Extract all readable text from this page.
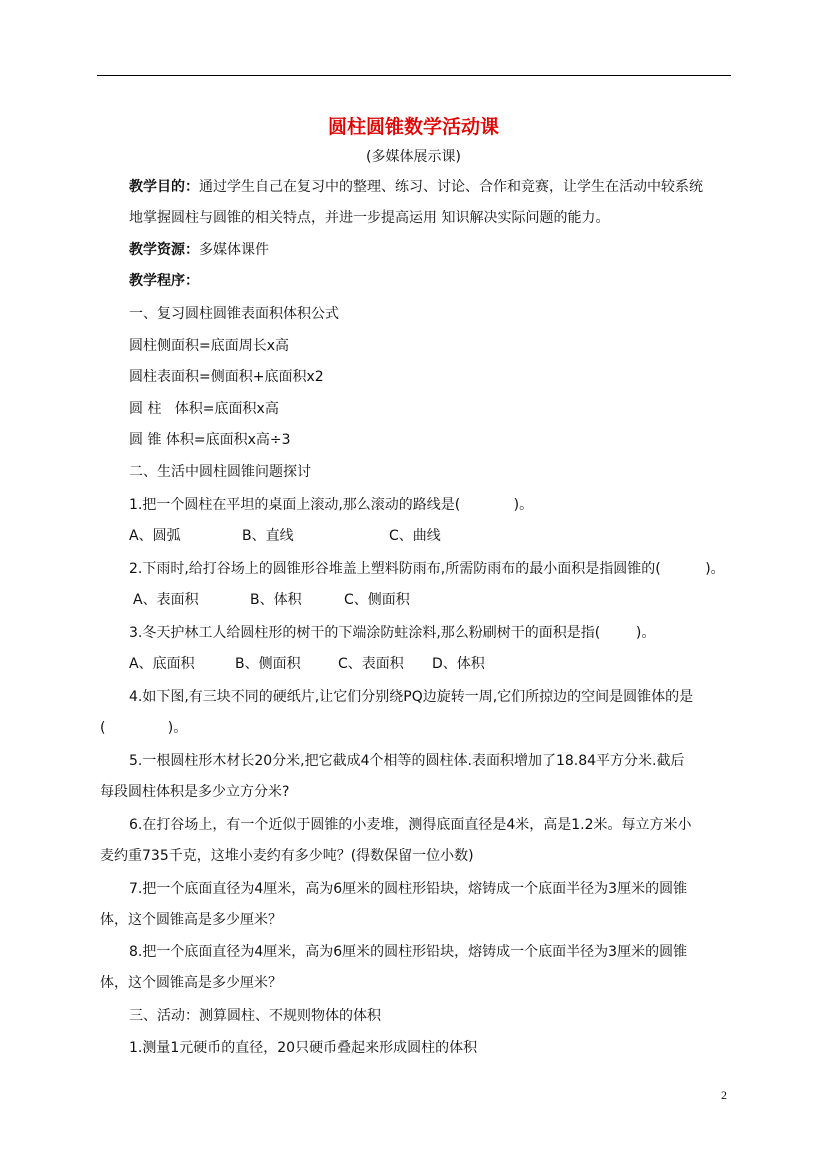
圆柱圆锥数学活动课
(多媒体展示课)
教学目的：通过学生自己在复习中的整理、练习、讨论、合作和竞赛，让学生在活动中较系统
地掌握圆柱与圆锥的相关特点，并进一步提高运用 知识解决实际问题的能力。
教学资源：多媒体课件
教学程序：
一、复习圆柱圆锥表面积体积公式
圆柱侧面积=底面周长x高
圆柱表面积=侧面积+底面积x2
圆 柱   体积=底面积x高
圆 锥 体积=底面积x高÷3
二、生活中圆柱圆锥问题探讨
1.把一个圆柱在平坦的桌面上滚动,那么滚动的路线是(            )。
A、圆弧	B、直线	C、曲线
2.下雨时,给打谷场上的圆锥形谷堆盖上塑料防雨布,所需防雨布的最小面积是指圆锥的(          )。
A、表面积	B、体积	C、侧面积
3.冬天护林工人给圆柱形的树干的下端涂防蛀涂料,那么粉刷树干的面积是指(        )。
A、底面积	B、侧面积	C、表面积 D、体积
4.如下图,有三块不同的硬纸片,让它们分别绕PQ边旋转一周,它们所掠边的空间是圆锥体的是
(              )。
5.一根圆柱形木材长20分米,把它截成4个相等的圆柱体.表面积增加了18.84平方分米.截后
每段圆柱体积是多少立方分米?
6.在打谷场上，有一个近似于圆锥的小麦堆，测得底面直径是4米，高是1.2米。每立方米小
麦约重735千克，这堆小麦约有多少吨？(得数保留一位小数)
7.把一个底面直径为4厘米，高为6厘米的圆柱形铅块，熔铸成一个底面半径为3厘米的圆锥
体，这个圆锥高是多少厘米？
8.把一个底面直径为4厘米，高为6厘米的圆柱形铅块，熔铸成一个底面半径为3厘米的圆锥
体，这个圆锥高是多少厘米？
三、活动：测算圆柱、不规则物体的体积
1.测量1元硬币的直径，20只硬币叠起来形成圆柱的体积
2
